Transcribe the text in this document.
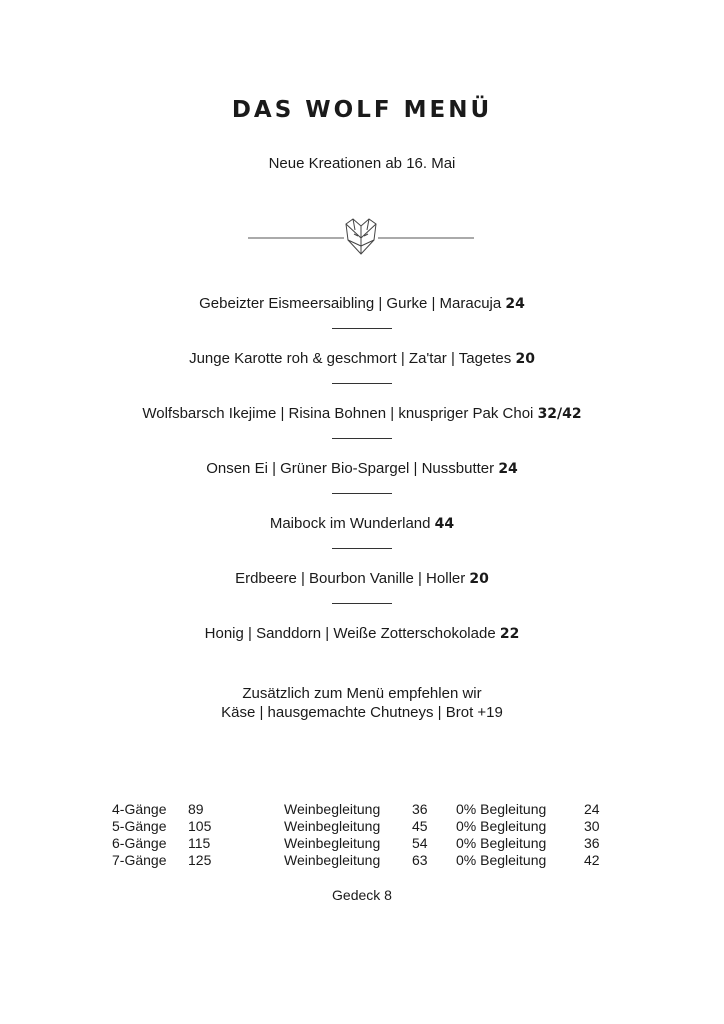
DAS WOLF MENÜ
Neue Kreationen ab 16. Mai
Gebeizter Eismeersaibling | Gurke | Maracuja 24
Junge Karotte roh & geschmort | Za'tar | Tagetes 20
Wolfsbarsch Ikejime | Risina Bohnen | knuspriger Pak Choi 32/42
Onsen Ei | Grüner Bio-Spargel | Nussbutter 24
Maibock im Wunderland 44
Erdbeere | Bourbon Vanille | Holler 20
Honig | Sanddorn | Weiße Zotterschokolade 22
Zusätzlich zum Menü empfehlen wir
Käse | hausgemachte Chutneys | Brot +19
4-Gänge	89	Weinbegleitung	36	0% Begleitung	24
5-Gänge	105	Weinbegleitung	45	0% Begleitung	30
6-Gänge	115	Weinbegleitung	54	0% Begleitung	36
7-Gänge	125	Weinbegleitung	63	0% Begleitung	42
Gedeck 8
